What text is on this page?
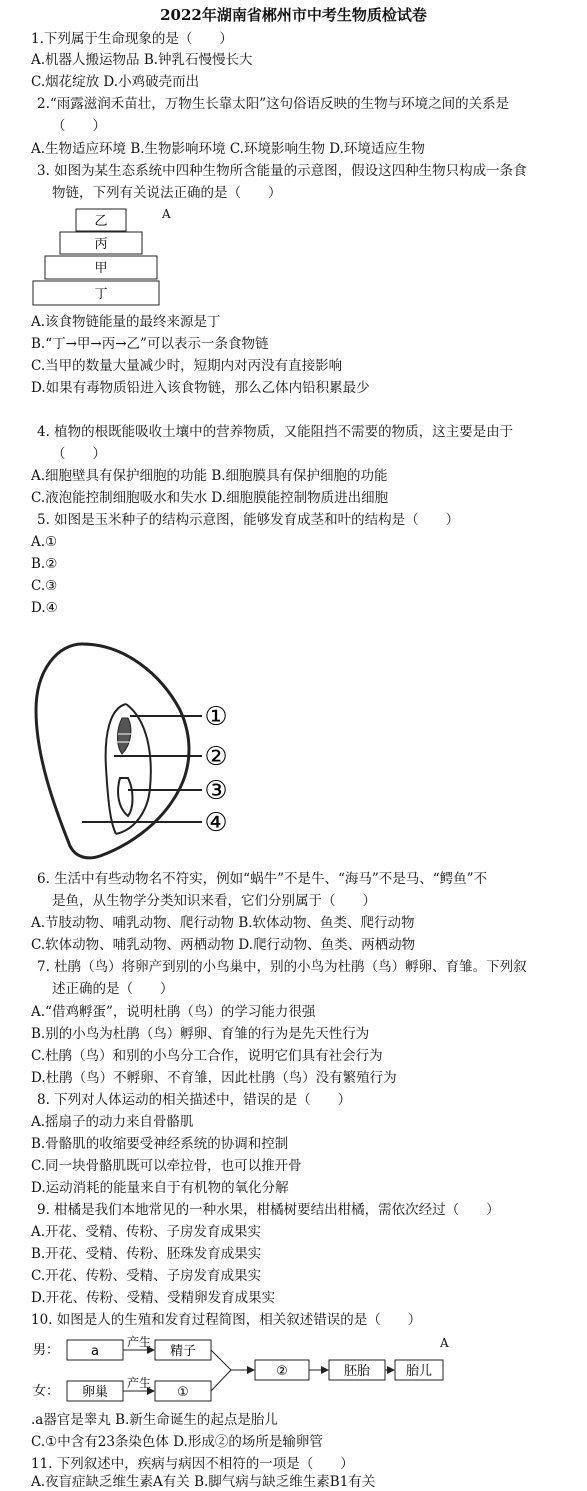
2022年湖南省郴州市中考生物质检试卷
1.下列属于生命现象的是（　　）
A.机器人搬运物品 B.钟乳石慢慢长大
C.烟花绽放 D.小鸡破壳而出
2.“雨露滋润禾苗壮，万物生长靠太阳”这句俗语反映的生物与环境之间的关系是
（　　）
A.生物适应环境 B.生物影响环境 C.环境影响生物 D.环境适应生物
3. 如图为某生态系统中四种生物所含能量的示意图，假设这四种生物只构成一条食
物链，下列有关说法正确的是（　　）
乙
丙
甲
丁
A
A.该食物链能量的最终来源是丁
B.“丁→甲→丙→乙”可以表示一条食物链
C.当甲的数量大量减少时，短期内对丙没有直接影响
D.如果有毒物质铅进入该食物链，那么乙体内铅积累最少
4. 植物的根既能吸收土壤中的营养物质，又能阻挡不需要的物质，这主要是由于
（　　）
A.细胞壁具有保护细胞的功能 B.细胞膜具有保护细胞的功能
C.液泡能控制细胞吸水和失水 D.细胞膜能控制物质进出细胞
5. 如图是玉米种子的结构示意图，能够发育成茎和叶的结构是（　　）
A.①
B.②
C.③
D.④
①
②
③
④
6. 生活中有些动物名不符实，例如“蜗牛”不是牛、“海马”不是马、“鳄鱼”不
是鱼，从生物学分类知识来看，它们分别属于（　　）
A.节肢动物、哺乳动物、爬行动物 B.软体动物、鱼类、爬行动物
C.软体动物、哺乳动物、两栖动物 D.爬行动物、鱼类、两栖动物
7. 杜鹃（鸟）将卵产到别的小鸟巢中，别的小鸟为杜鹃（鸟）孵卵、育雏。下列叙
述正确的是（　　）
A.“借鸡孵蛋”，说明杜鹃（鸟）的学习能力很强
B.别的小鸟为杜鹃（鸟）孵卵、育雏的行为是先天性行为
C.杜鹃（鸟）和别的小鸟分工合作，说明它们具有社会行为
D.杜鹃（鸟）不孵卵、不育雏，因此杜鹃（鸟）没有繁殖行为
8. 下列对人体运动的相关描述中，错误的是（　　）
A.摇扇子的动力来自骨骼肌
B.骨骼肌的收缩要受神经系统的协调和控制
C.同一块骨骼肌既可以牵拉骨，也可以推开骨
D.运动消耗的能量来自于有机物的氧化分解
9. 柑橘是我们本地常见的一种水果，柑橘树要结出柑橘，需依次经过（　　）
A.开花、受精、传粉、子房发育成果实
B.开花、受精、传粉、胚珠发育成果实
C.开花、传粉、受精、子房发育成果实
D.开花、传粉、受精、受精卵发育成果实
10. 如图是人的生殖和发育过程简图，相关叙述错误的是（　　）
男： a
产生
精子
女： 卵巢
产生
①
②	胚胎	胎儿
A
.a器官是睾丸 B.新生命诞生的起点是胎儿
C.①中含有23条染色体 D.形成②的场所是输卵管
11. 下列叙述中，疾病与病因不相符的一项是（　　）
A.夜盲症缺乏维生素A有关 B.脚气病与缺乏维生素B1有关
